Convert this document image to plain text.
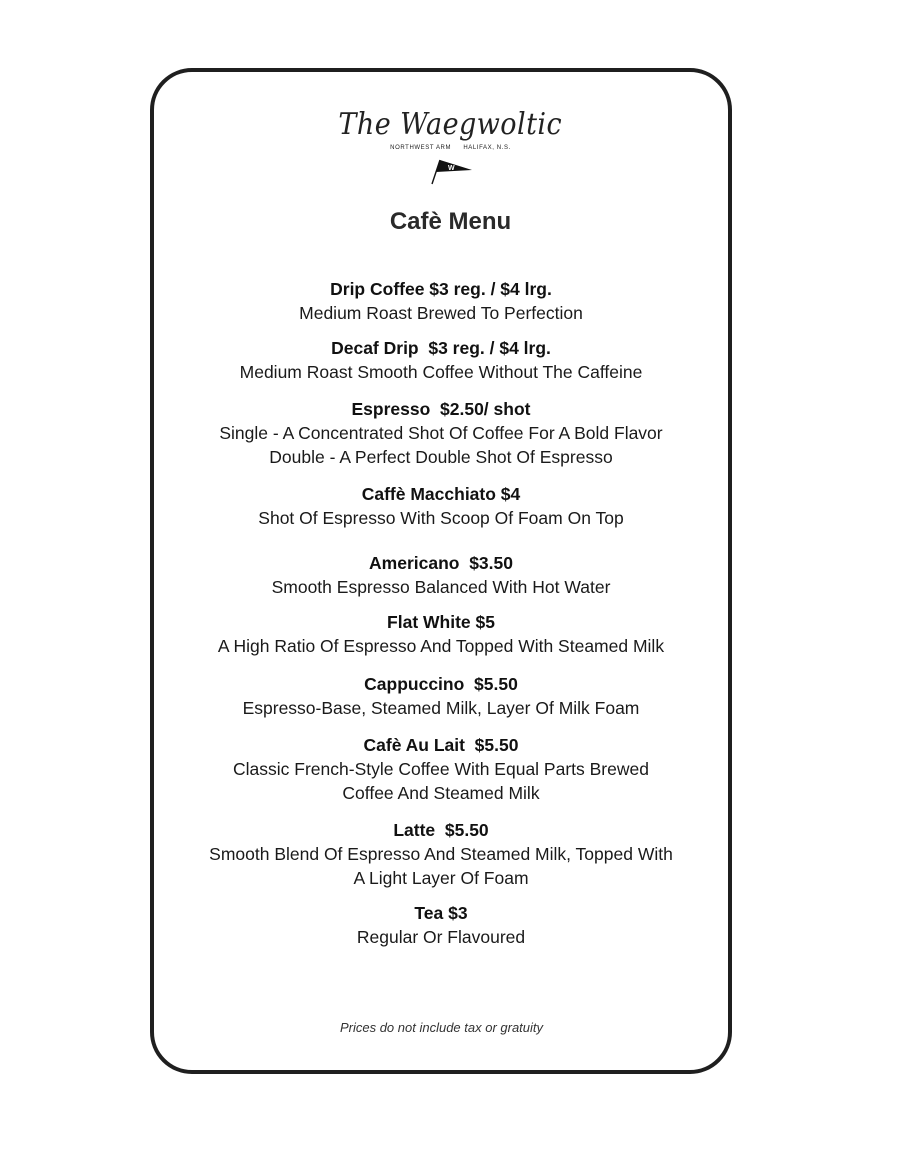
The Waegwoltic
NORTHWEST ARM HALIFAX, N.S.
W
Cafè Menu
Drip Coffee $3 reg. / $4 lrg.
Medium Roast Brewed To Perfection
Decaf Drip  $3 reg. / $4 lrg.
Medium Roast Smooth Coffee Without The Caffeine
Espresso  $2.50/ shot
Single - A Concentrated Shot Of Coffee For A Bold Flavor
Double - A Perfect Double Shot Of Espresso
Caffè Macchiato $4
Shot Of Espresso With Scoop Of Foam On Top
Americano  $3.50
Smooth Espresso Balanced With Hot Water
Flat White $5
A High Ratio Of Espresso And Topped With Steamed Milk
Cappuccino  $5.50
Espresso-Base, Steamed Milk, Layer Of Milk Foam
Cafè Au Lait  $5.50
Classic French-Style Coffee With Equal Parts Brewed Coffee And Steamed Milk
Latte  $5.50
Smooth Blend Of Espresso And Steamed Milk, Topped With A Light Layer Of Foam
Tea $3
Regular Or Flavoured
Prices do not include tax or gratuity
